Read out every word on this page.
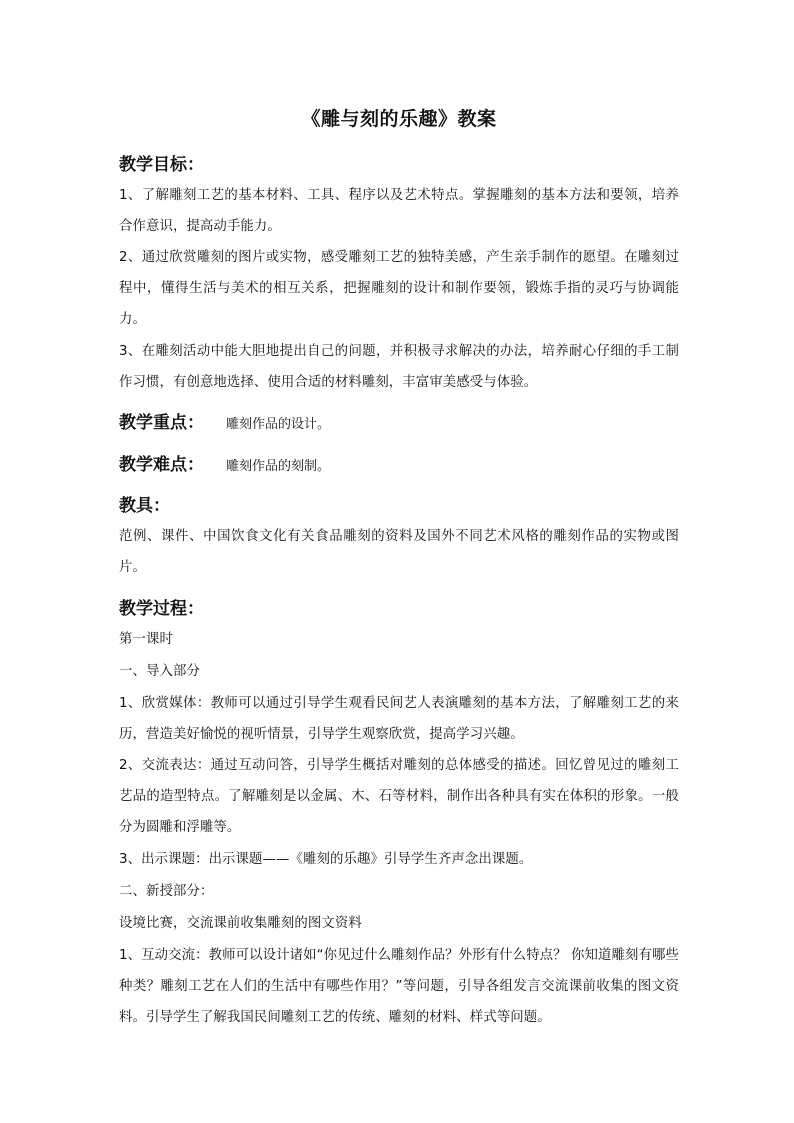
《雕与刻的乐趣》教案
教学目标：
1、了解雕刻工艺的基本材料、工具、程序以及艺术特点。掌握雕刻的基本方法和要领，培养合作意识，提高动手能力。
2、通过欣赏雕刻的图片或实物，感受雕刻工艺的独特美感，产生亲手制作的愿望。在雕刻过程中，懂得生活与美术的相互关系，把握雕刻的设计和制作要领，锻炼手指的灵巧与协调能力。
3、在雕刻活动中能大胆地提出自己的问题，并积极寻求解决的办法，培养耐心仔细的手工制作习惯，有创意地选择、使用合适的材料雕刻，丰富审美感受与体验。
教学重点： 雕刻作品的设计。
教学难点： 雕刻作品的刻制。
教具：
范例、课件、中国饮食文化有关食品雕刻的资料及国外不同艺术风格的雕刻作品的实物或图片。
教学过程：
第一课时
一、导入部分
1、欣赏媒体：教师可以通过引导学生观看民间艺人表演雕刻的基本方法，了解雕刻工艺的来历，营造美好愉悦的视听情景，引导学生观察欣赏，提高学习兴趣。
2、交流表达：通过互动问答，引导学生概括对雕刻的总体感受的描述。回忆曾见过的雕刻工艺品的造型特点。了解雕刻是以金属、木、石等材料，制作出各种具有实在体积的形象。一般分为圆雕和浮雕等。
3、出示课题：出示课题——《雕刻的乐趣》引导学生齐声念出课题。
二、新授部分：
设境比赛，交流课前收集雕刻的图文资料
1、互动交流：教师可以设计诸如“你见过什么雕刻作品？外形有什么特点？ 你知道雕刻有哪些种类？雕刻工艺在人们的生活中有哪些作用？”等问题，引导各组发言交流课前收集的图文资料。引导学生了解我国民间雕刻工艺的传统、雕刻的材料、样式等问题。
